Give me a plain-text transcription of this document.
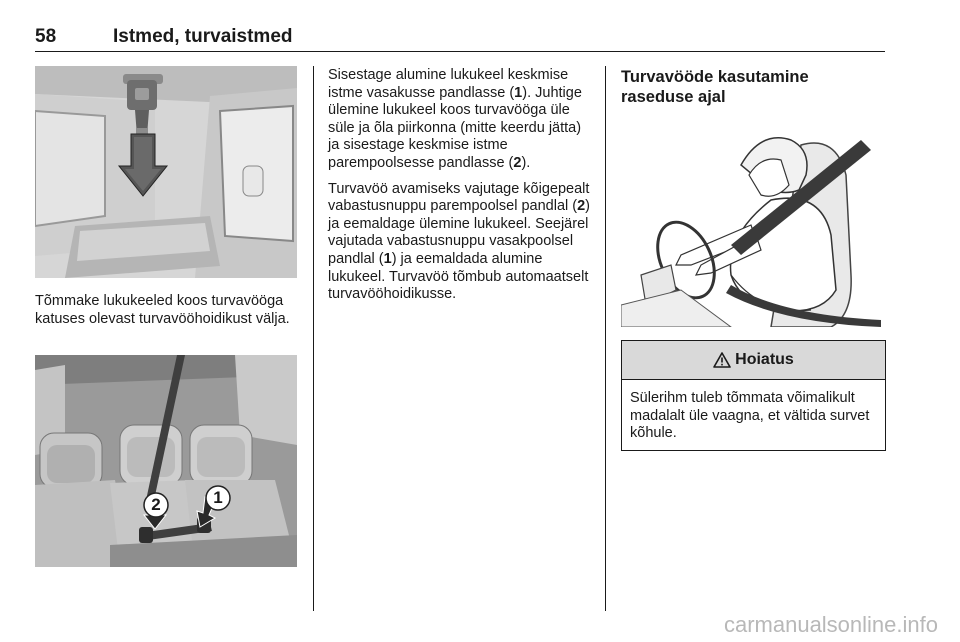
58	Istmed, turvaistmed
Tõmmake lukukeeled koos turvavööga katuses olevast turvavööhoidikust välja.
2	1

Sisestage alumine lukukeel keskmise istme vasakusse pandlasse (1). Juhtige ülemine lukukeel koos turvavööga üle süle ja õla piirkonna (mitte keerdu jätta) ja sisestage keskmise istme parempoolsesse pandlasse (2).

Turvavöö avamiseks vajutage kõigepealt vabastusnuppu parempoolsel pandlal (2) ja eemaldage ülemine lukukeel. Seejärel vajutada vabastusnuppu vasakpoolsel pandlal (1) ja eemaldada alumine lukukeel. Turvavöö tõmbub automaatselt turvavööhoidikusse.

Turvavööde kasutamine raseduse ajal
Hoiatus
Sülerihm tuleb tõmmata võimalikult madalalt üle vaagna, et vältida survet kõhule.
carmanualsonline.info
